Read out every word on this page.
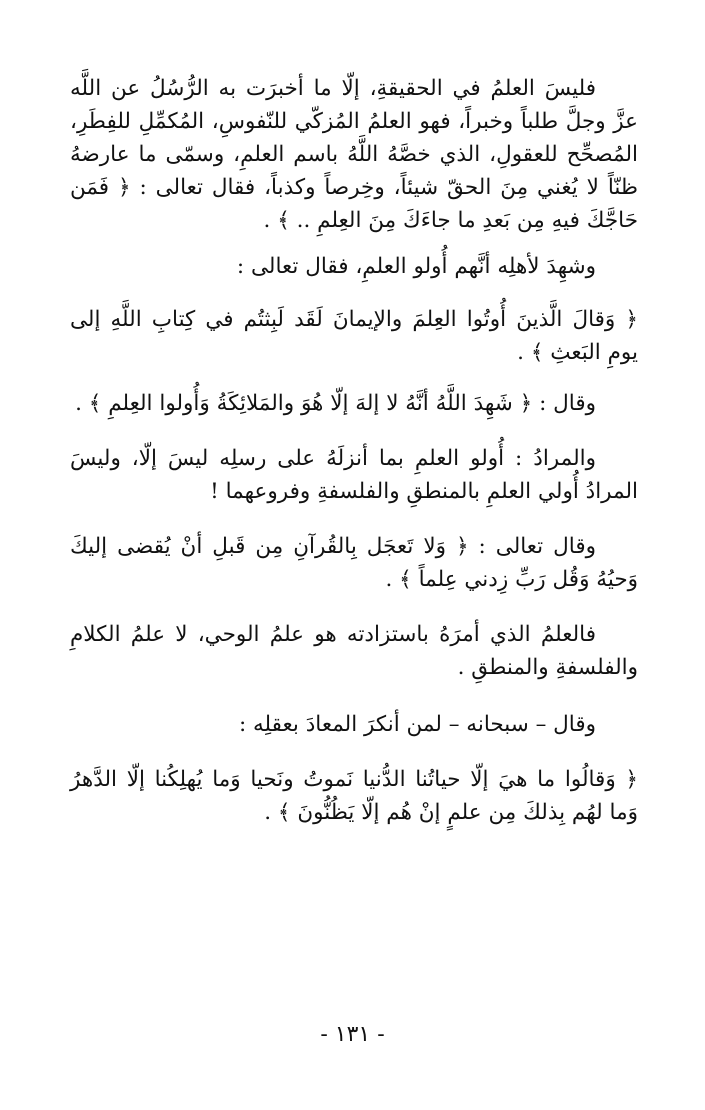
فليسَ العلمُ في الحقيقةِ، إلّا ما أخبرَت به الرُّسُلُ عن اللَّه عزَّ وجلَّ طلباً وخبراً، فهو العلمُ المُزكّي للنّفوسِ، المُكمِّلِ للفِطَرِ، المُصحِّح للعقولِ، الذي خصَّهُ اللَّهُ باسم العلمِ، وسمّى ما عارضهُ ظنّاً لا يُغني مِنَ الحقّ شيئاً، وخِرصاً وكذباً، فقال تعالى : ﴿ فَمَن حَاجَّكَ فيهِ مِن بَعدِ ما جاءَكَ مِنَ العِلمِ .. ﴾ .

وشهِدَ لأهلِه أنَّهم أُولو العلمِ، فقال تعالى :

﴿ وَقالَ الَّذينَ أُوتُوا العِلمَ والإيمانَ لَقَد لَبِثتُم في كِتابِ اللَّهِ إلى يومِ البَعثِ ﴾ .

وقال : ﴿ شَهِدَ اللَّهُ أنَّهُ لا إلهَ إلّا هُوَ والمَلائِكَةُ وَأُولوا العِلمِ ﴾ .

والمرادُ : أُولو العلمِ بما أنزلَهُ على رسلِه ليسَ إلّا، وليسَ المرادُ أُولي العلمِ بالمنطقِ والفلسفةِ وفروعهما !

وقال تعالى : ﴿ وَلا تَعجَل بِالقُرآنِ مِن قَبلِ أنْ يُقضى إليكَ وَحيُهُ وَقُل رَبِّ زِدني عِلماً ﴾ .

فالعلمُ الذي أمرَهُ باستزادته هو علمُ الوحي، لا علمُ الكلامِ والفلسفةِ والمنطقِ .

وقال – سبحانه – لمن أنكرَ المعادَ بعقلِه :

﴿ وَقالُوا ما هيَ إلّا حياتُنا الدُّنيا نَموتُ ونَحيا وَما يُهلِكُنا إلّا الدَّهرُ وَما لهُم بِذلكَ مِن علمٍ إنْ هُم إلّا يَظُنُّونَ ﴾ .

- ١٣١ -
